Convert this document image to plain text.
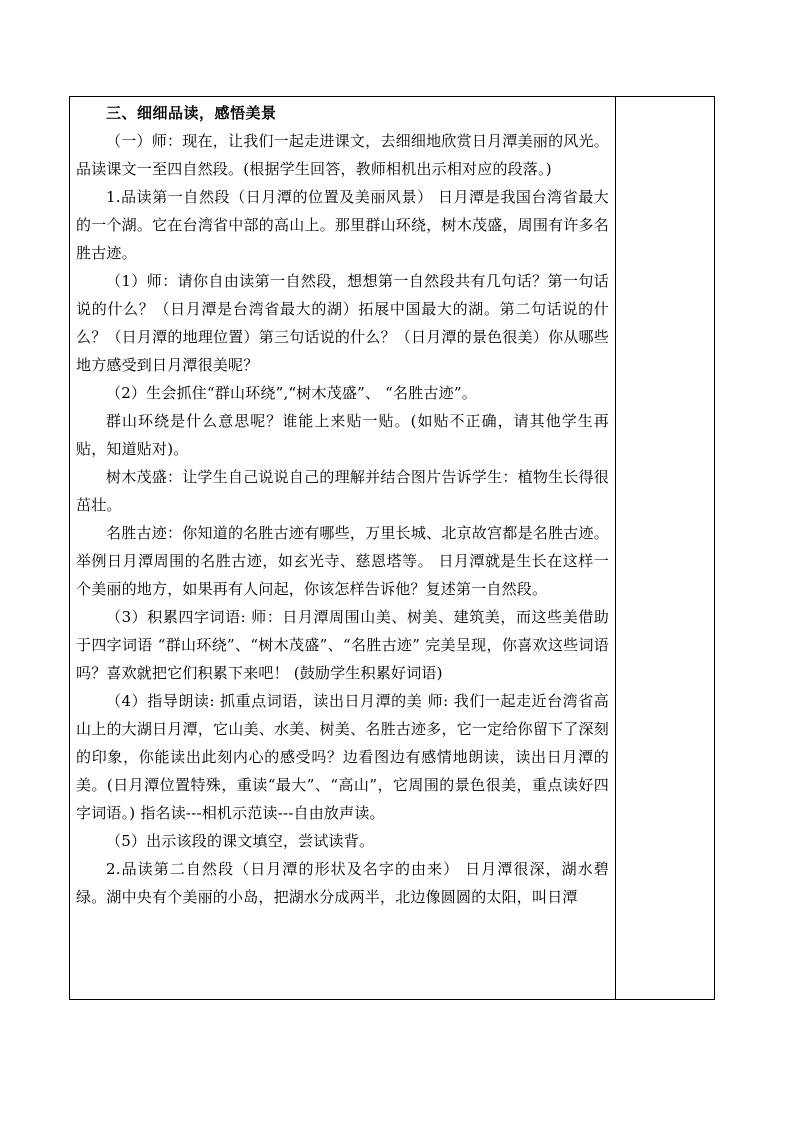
三、细细品读，感悟美景

（一）师：现在，让我们一起走进课文，去细细地欣赏日月潭美丽的风光。品读课文一至四自然段。(根据学生回答，教师相机出示相对应的段落。)

1.品读第一自然段（日月潭的位置及美丽风景） 日月潭是我国台湾省最大的一个湖。它在台湾省中部的高山上。那里群山环绕，树木茂盛，周围有许多名胜古迹。

（1）师：请你自由读第一自然段，想想第一自然段共有几句话？第一句话说的什么？（日月潭是台湾省最大的湖）拓展中国最大的湖。第二句话说的什么？（日月潭的地理位置）第三句话说的什么？（日月潭的景色很美）你从哪些地方感受到日月潭很美呢？

（2）生会抓住“群山环绕”,“树木茂盛”、 “名胜古迹”。

群山环绕是什么意思呢？谁能上来贴一贴。(如贴不正确，请其他学生再贴，知道贴对)。

树木茂盛：让学生自己说说自己的理解并结合图片告诉学生：植物生长得很茁壮。

名胜古迹：你知道的名胜古迹有哪些，万里长城、北京故宫都是名胜古迹。举例日月潭周围的名胜古迹，如玄光寺、慈恩塔等。 日月潭就是生长在这样一个美丽的地方，如果再有人问起，你该怎样告诉他？复述第一自然段。

（3）积累四字词语: 师：日月潭周围山美、树美、建筑美，而这些美借助于四字词语 “群山环绕”、“树木茂盛”、“名胜古迹” 完美呈现，你喜欢这些词语吗？喜欢就把它们积累下来吧！ (鼓励学生积累好词语)

（4）指导朗读: 抓重点词语，读出日月潭的美 师: 我们一起走近台湾省高山上的大湖日月潭，它山美、水美、树美、名胜古迹多，它一定给你留下了深刻的印象，你能读出此刻内心的感受吗？边看图边有感情地朗读，读出日月潭的美。(日月潭位置特殊，重读“最大”、“高山”，它周围的景色很美，重点读好四字词语。) 指名读---相机示范读---自由放声读。

（5）出示该段的课文填空，尝试读背。

2.品读第二自然段（日月潭的形状及名字的由来） 日月潭很深，湖水碧绿。湖中央有个美丽的小岛，把湖水分成两半，北边像圆圆的太阳，叫日潭
